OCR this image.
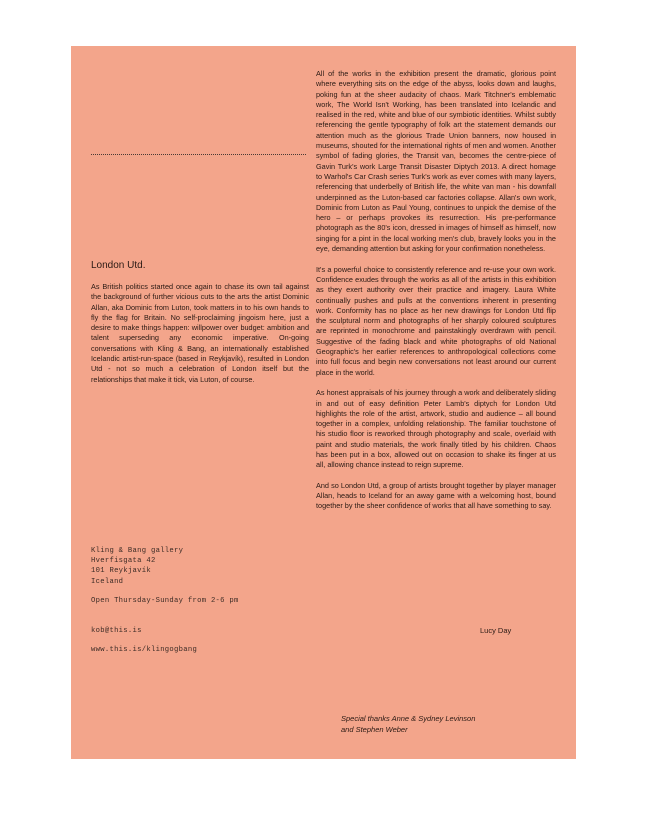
London Utd.

As British politics started once again to chase its own tail against the background of further vicious cuts to the arts the artist Dominic Allan, aka Dominic from Luton, took matters in to his own hands to fly the flag for Britain. No self-proclaiming jingoism here, just a desire to make things happen: willpower over budget: ambition and talent superseding any economic imperative. On-going conversations with Kling & Bang, an internationally established Icelandic artist-run-space (based in Reykjavík), resulted in London Utd - not so much a celebration of London itself but the relationships that make it tick, via Luton, of course.

Kling & Bang gallery
Hverfisgata 42
101 Reykjavík
Iceland
Open Thursday-Sunday from 2-6 pm
kob@this.is
www.this.is/klingogbang

All of the works in the exhibition present the dramatic, glorious point where everything sits on the edge of the abyss, looks down and laughs, poking fun at the sheer audacity of chaos. Mark Titchner's emblematic work, The World Isn't Working, has been translated into Icelandic and realised in the red, white and blue of our symbiotic identities. Whilst subtly referencing the gentle typography of folk art the statement demands our attention much as the glorious Trade Union banners, now housed in museums, shouted for the international rights of men and women. Another symbol of fading glories, the Transit van, becomes the centre-piece of Gavin Turk's work Large Transit Disaster Diptych 2013. A direct homage to Warhol's Car Crash series Turk's work as ever comes with many layers, referencing that underbelly of British life, the white van man - his downfall underpinned as the Luton-based car factories collapse. Allan's own work, Dominic from Luton as Paul Young, continues to unpick the demise of the hero – or perhaps provokes its resurrection. His pre-performance photograph as the 80's icon, dressed in images of himself as himself, now singing for a pint in the local working men's club, bravely looks you in the eye, demanding attention but asking for your confirmation nonetheless.

It's a powerful choice to consistently reference and re-use your own work. Confidence exudes through the works as all of the artists in this exhibition as they exert authority over their practice and imagery. Laura White continually pushes and pulls at the conventions inherent in presenting work. Conformity has no place as her new drawings for London Utd flip the sculptural norm and photographs of her sharply coloured sculptures are reprinted in monochrome and painstakingly overdrawn with pencil. Suggestive of the fading black and white photographs of old National Geographic's her earlier references to anthropological collections come into full focus and begin new conversations not least around our current place in the world.

As honest appraisals of his journey through a work and deliberately sliding in and out of easy definition Peter Lamb's diptych for London Utd highlights the role of the artist, artwork, studio and audience – all bound together in a complex, unfolding relationship. The familiar touchstone of his studio floor is reworked through photography and scale, overlaid with paint and studio materials, the work finally titled by his children. Chaos has been put in a box, allowed out on occasion to shake its finger at us all, allowing chance instead to reign supreme.

And so London Utd, a group of artists brought together by player manager Allan, heads to Iceland for an away game with a welcoming host, bound together by the sheer confidence of works that all have something to say.

Lucy Day
Special thanks Anne & Sydney Levinson
and Stephen Weber
